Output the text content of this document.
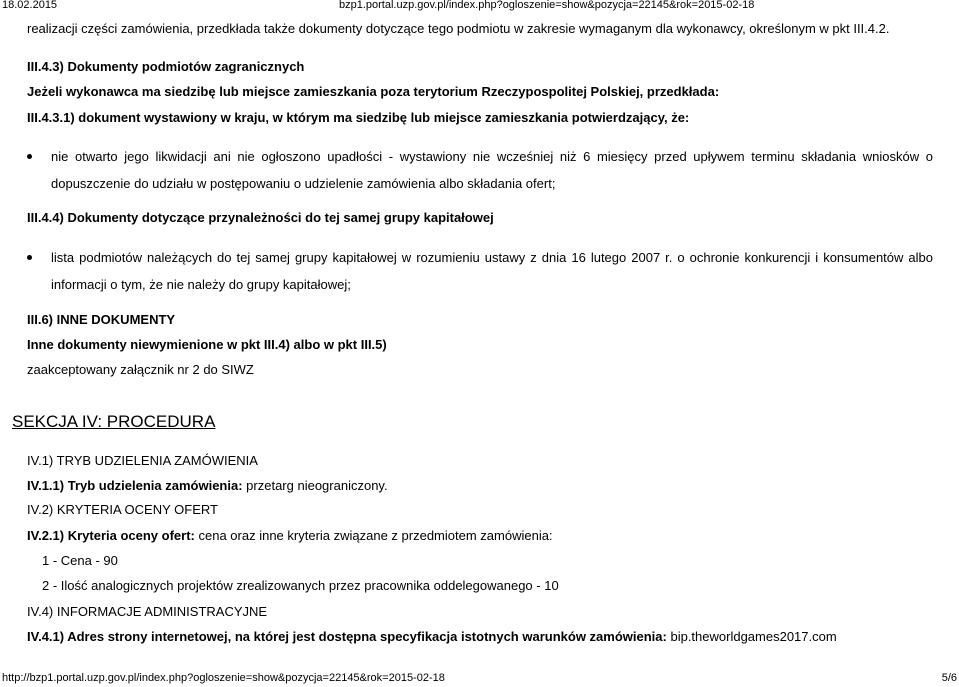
18.02.2015	bzp1.portal.uzp.gov.pl/index.php?ogloszenie=show&pozycja=22145&rok=2015-02-18
realizacji części zamówienia, przedkłada także dokumenty dotyczące tego podmiotu w zakresie wymaganym dla wykonawcy, określonym w pkt III.4.2.
III.4.3) Dokumenty podmiotów zagranicznych
Jeżeli wykonawca ma siedzibę lub miejsce zamieszkania poza terytorium Rzeczypospolitej Polskiej, przedkłada:
III.4.3.1) dokument wystawiony w kraju, w którym ma siedzibę lub miejsce zamieszkania potwierdzający, że:
nie otwarto jego likwidacji ani nie ogłoszono upadłości - wystawiony nie wcześniej niż 6 miesięcy przed upływem terminu składania wniosków o dopuszczenie do udziału w postępowaniu o udzielenie zamówienia albo składania ofert;
III.4.4) Dokumenty dotyczące przynależności do tej samej grupy kapitałowej
lista podmiotów należących do tej samej grupy kapitałowej w rozumieniu ustawy z dnia 16 lutego 2007 r. o ochronie konkurencji i konsumentów albo informacji o tym, że nie należy do grupy kapitałowej;
III.6) INNE DOKUMENTY
Inne dokumenty niewymienione w pkt III.4) albo w pkt III.5)
zaakceptowany załącznik nr 2 do SIWZ
SEKCJA IV: PROCEDURA
IV.1) TRYB UDZIELENIA ZAMÓWIENIA
IV.1.1) Tryb udzielenia zamówienia: przetarg nieograniczony.
IV.2) KRYTERIA OCENY OFERT
IV.2.1) Kryteria oceny ofert: cena oraz inne kryteria związane z przedmiotem zamówienia:
1 - Cena - 90
2 - Ilość analogicznych projektów zrealizowanych przez pracownika oddelegowanego - 10
IV.4) INFORMACJE ADMINISTRACYJNE
IV.4.1) Adres strony internetowej, na której jest dostępna specyfikacja istotnych warunków zamówienia: bip.theworldgames2017.com
http://bzp1.portal.uzp.gov.pl/index.php?ogloszenie=show&pozycja=22145&rok=2015-02-18	5/6
